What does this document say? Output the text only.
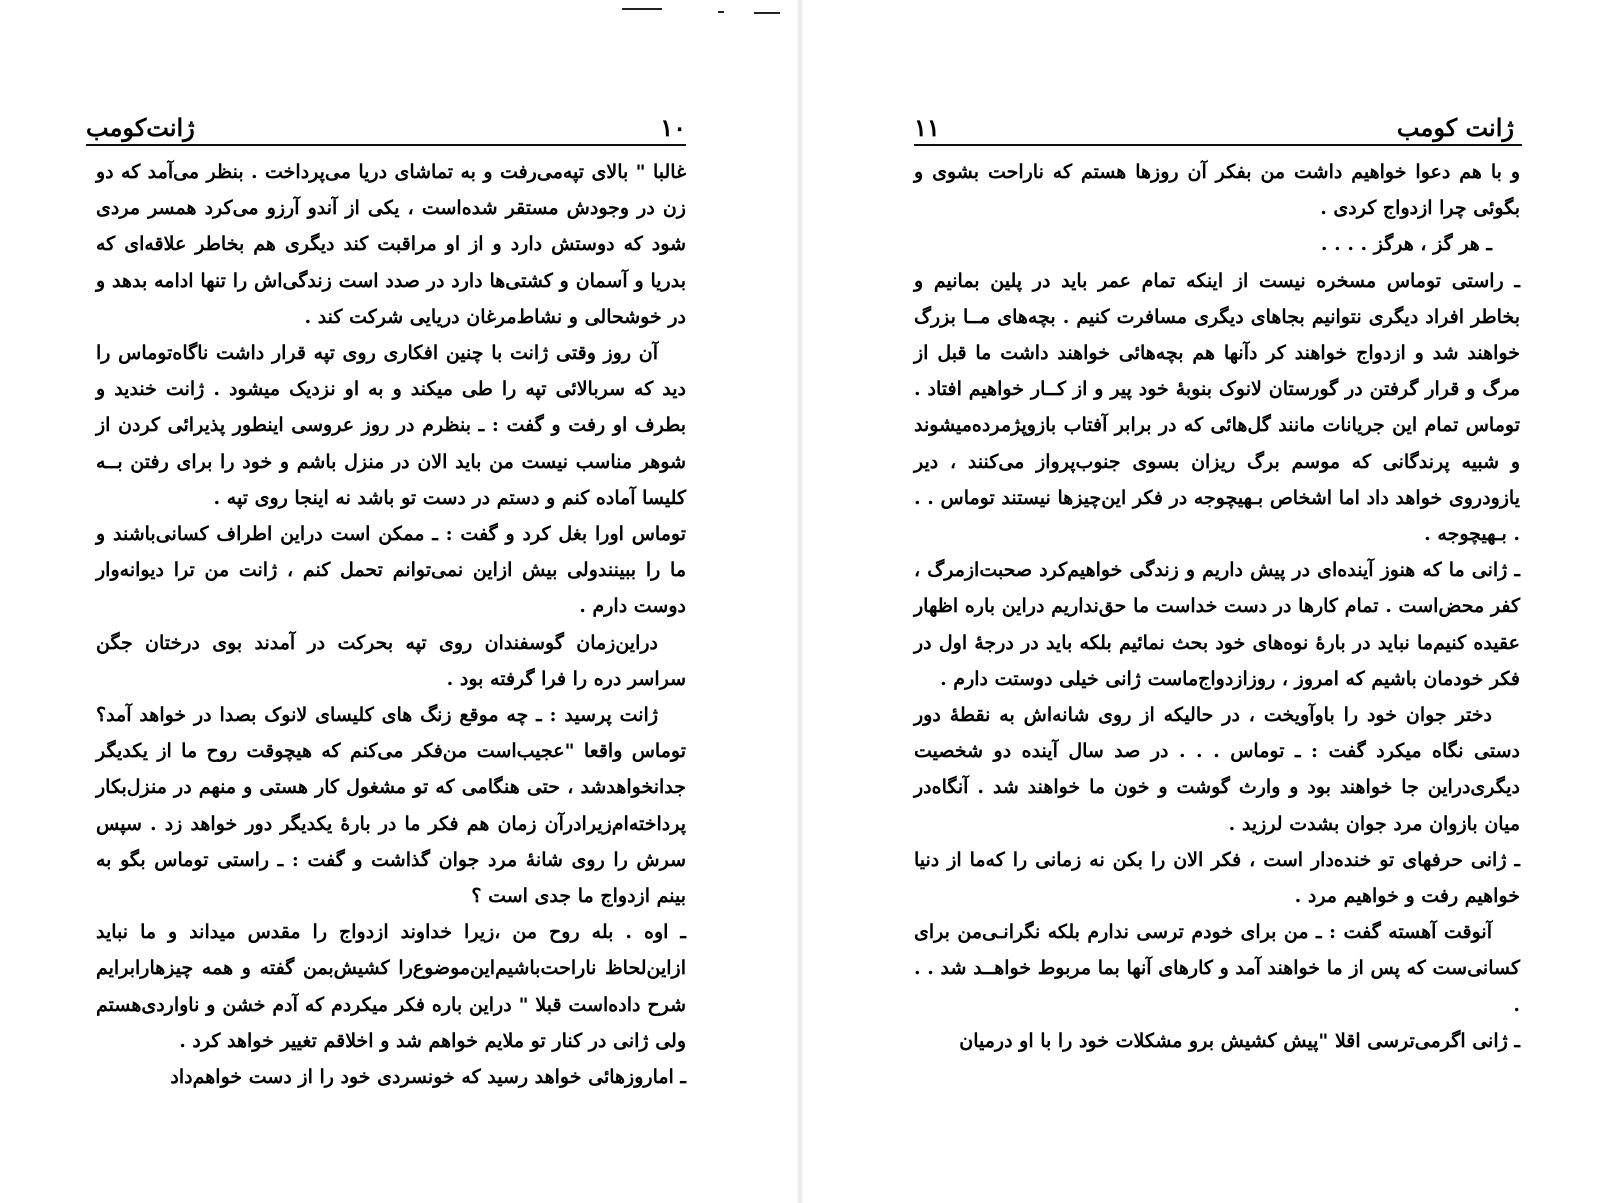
۱۰
ژانت‌کومب

غالبا " بالای تپه‌می‌رفت و به تماشای دریا می‌پرداخت . بنظر می‌آمد که دو زن در وجودش مستقر شده‌است ، یکی از آندو آرزو می‌کرد همسر مردی شود که دوستش دارد و از او مراقبت کند دیگری هم بخاطر علاقه‌ای که بدریا و آسمان و کشتی‌ها دارد در صدد است زندگی‌اش را تنها ادامه بدهد و در خوشحالی و نشاط‌مرغان دریایی شرکت کند .

آن روز وقتی ژانت با چنین افکاری روی تپه قرار داشت ناگاه‌توماس را دید که سربالائی تپه را طی میکند و به او نزدیک میشود . ژانت خندید و بطرف او رفت و گفت : ـ بنظرم در روز عروسی اینطور پذیرائی کردن از شوهر مناسب نیست من باید الان در منزل باشم و خود را برای رفتن بــه کلیسا آماده کنم و دستم در دست تو باشد نه اینجا روی تپه .

توماس اورا بغل کرد و گفت : ـ ممکن است دراین اطراف کسانی‌باشند و ما را ببینندولی بیش ازاین نمی‌توانم تحمل کنم ، ژانت من ترا دیوانه‌وار دوست دارم .

دراین‌زمان گوسفندان روی تپه بحرکت در آمدند بوی درختان جگن سراسر دره را فرا گرفته بود .

ژانت پرسید : ـ چه موقع زنگ های کلیسای لانوک بصدا در خواهد آمد؟ توماس واقعا "عجیب‌است من‌فکر می‌کنم که هیچوقت روح ما از یکدیگر جدانخواهدشد ، حتی هنگامی که تو مشغول کار هستی و منهم در منزل‌بکار پرداخته‌ام‌زیرادرآن زمان هم فکر ما در بارهٔ یکدیگر دور خواهد زد . سپس سرش را روی شانهٔ مرد جوان گذاشت و گفت : ـ راستی توماس بگو به بینم ازدواج ما جدی است ؟

ـ اوه . بله روح من ،زیرا خداوند ازدواج را مقدس میداند و ما نباید ازاین‌لحاظ ناراحت‌باشیم‌این‌موضوع‌را کشیش‌بمن گفته و همه چیزهارابرایم شرح داده‌است قبلا " دراین باره فکر میکردم که آدم خشن و ناواردی‌هستم ولی ژانی در کنار تو ملایم خواهم شد و اخلاقم تغییر خواهد کرد .

ـ اماروزهائی خواهد رسید که خونسردی خود را از دست خواهم‌داد

ژانت کومب
۱۱

و با هم دعوا خواهیم داشت من بفکر آن روزها هستم که ناراحت بشوی و بگوئی چرا ازدواج کردی .

ـ هر گز ، هرگز . . . .

ـ راستی توماس مسخره نیست از اینکه تمام عمر باید در پلین بمانیم و بخاطر افراد دیگری نتوانیم بجاهای دیگری مسافرت کنیم . بچه‌های مــا بزرگ خواهند شد و ازدواج خواهند کر دآنها هم بچه‌هائی خواهند داشت ما قبل از مرگ و قرار گرفتن در گورستان لانوک بنوبهٔ خود پیر و از کــار خواهیم افتاد . توماس تمام این جریانات مانند گل‌هائی که در برابر آفتاب بازو‌پژمرده‌میشوند و شبیه پرندگانی که موسم برگ ریزان بسوی جنوب‌پرواز می‌کنند ، دیر یازودروی خواهد داد اما اشخاص بـهیچوجه در فکر این‌چیزها نیستند توماس . . . بـهیچوجه .

ـ ژانی ما که هنوز آینده‌ای در پیش داریم و زندگی خواهیم‌کرد صحبت‌ازمرگ ، کفر محض‌است . تمام کارها در دست خداست ما حق‌نداریم دراین باره اظهار عقیده کنیم‌ما نباید در بارهٔ نوه‌های خود بحث نمائیم بلکه باید در درجهٔ اول در فکر خودمان باشیم که امروز ، روزازدواج‌ماست ژانی خیلی دوستت دارم .

دختر جوان خود را باوآویخت ، در حالیکه از روی شانه‌اش به نقطهٔ دور دستی نگاه میکرد گفت : ـ توماس . . . در صد سال آینده دو شخصیت دیگری‌دراین جا خواهند بود و وارث گوشت و خون ما خواهند شد . آنگاه‌در میان بازوان مرد جوان بشدت لرزید .

ـ ژانی حرفهای تو خنده‌دار است ، فکر الان را بکن نه زمانی را که‌ما از دنیا خواهیم رفت و خواهیم مرد .

آنوقت آهسته گفت : ـ من برای خودم ترسی ندارم بلکه نگرانـی‌من برای کسانی‌ست که پس از ما خواهند آمد و کارهای آنها بما مربوط خواهــد شد . . .

ـ ژانی اگرمی‌ترسی اقلا "پیش کشیش برو مشکلات خود را با او درمیان
